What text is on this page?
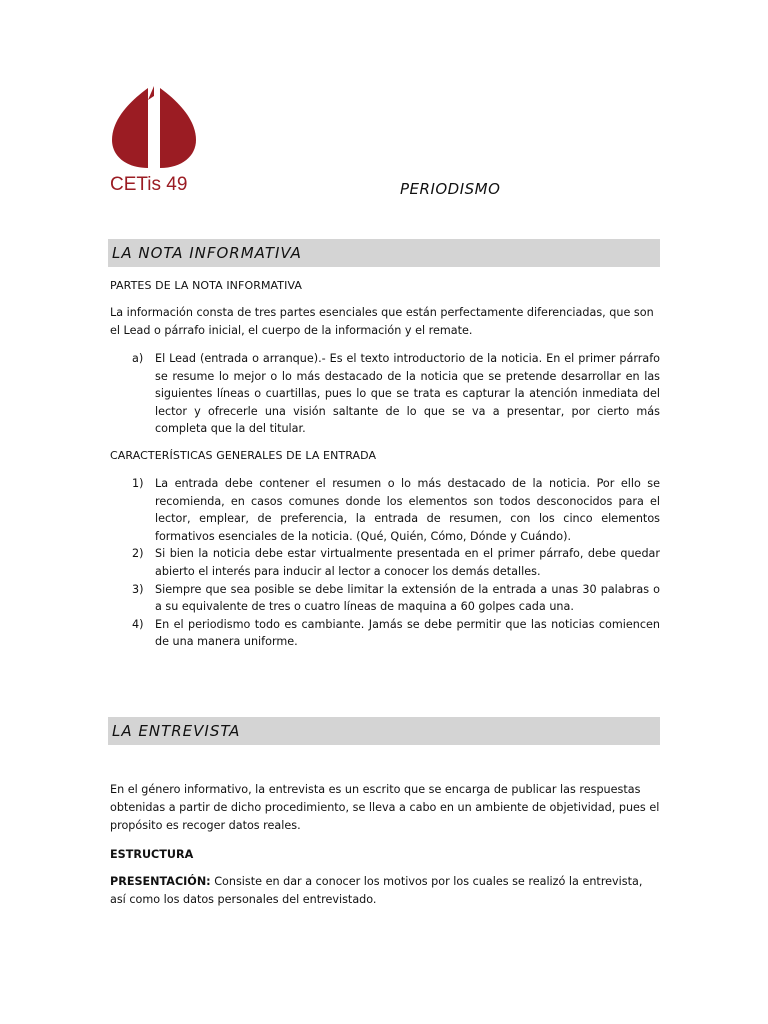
CETis 49	PERIODISMO
LA NOTA INFORMATIVA
PARTES DE LA NOTA INFORMATIVA
La información consta de tres partes esenciales que están perfectamente diferenciadas, que son el Lead o párrafo inicial, el cuerpo de la información y el remate.
a) El Lead (entrada o arranque).- Es el texto introductorio de la noticia. En el primer párrafo se resume lo mejor o lo más destacado de la noticia que se pretende desarrollar en las siguientes líneas o cuartillas, pues lo que se trata es capturar la atención inmediata del lector y ofrecerle una visión saltante de lo que se va a presentar, por cierto más completa que la del titular.
CARACTERÍSTICAS GENERALES DE LA ENTRADA
1) La entrada debe contener el resumen o lo más destacado de la noticia. Por ello se recomienda, en casos comunes donde los elementos son todos desconocidos para el lector, emplear, de preferencia, la entrada de resumen, con los cinco elementos formativos esenciales de la noticia. (Qué, Quién, Cómo, Dónde y Cuándo).
2) Si bien la noticia debe estar virtualmente presentada en el primer párrafo, debe quedar abierto el interés para inducir al lector a conocer los demás detalles.
3) Siempre que sea posible se debe limitar la extensión de la entrada a unas 30 palabras o a su equivalente de tres o cuatro líneas de maquina a 60 golpes cada una.
4) En el periodismo todo es cambiante. Jamás se debe permitir que las noticias comiencen de una manera uniforme.
LA ENTREVISTA
En el género informativo, la entrevista es un escrito que se encarga de publicar las respuestas obtenidas a partir de dicho procedimiento, se lleva a cabo en un ambiente de objetividad, pues el propósito es recoger datos reales.
ESTRUCTURA
PRESENTACIÓN: Consiste en dar a conocer los motivos por los cuales se realizó la entrevista, así como los datos personales del entrevistado.
